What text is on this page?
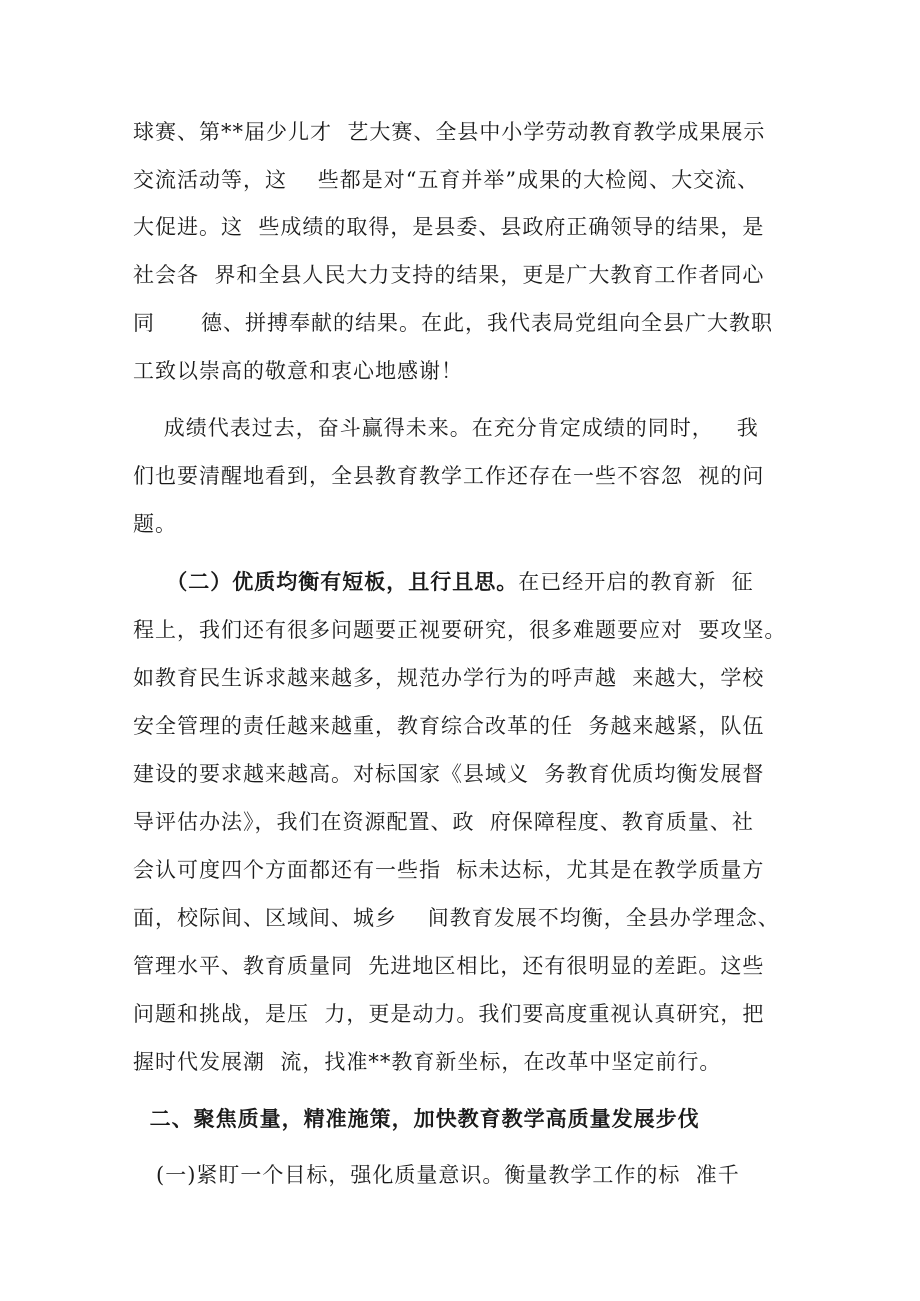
球赛、第**届少儿才  艺大赛、全县中小学劳动教育教学成果展示
交流活动等，这    些都是对“五育并举”成果的大检阅、大交流、
大促进。这  些成绩的取得，是县委、县政府正确领导的结果，是
社会各  界和全县人民大力支持的结果，更是广大教育工作者同心
同      德、拼搏奉献的结果。在此，我代表局党组向全县广大教职
工致以崇高的敬意和衷心地感谢！
成绩代表过去，奋斗赢得未来。在充分肯定成绩的同时，   我
们也要清醒地看到，全县教育教学工作还存在一些不容忽  视的问
题。
（二）优质均衡有短板，且行且思。在已经开启的教育新  征
程上，我们还有很多问题要正视要研究，很多难题要应对  要攻坚。
如教育民生诉求越来越多，规范办学行为的呼声越  来越大，学校
安全管理的责任越来越重，教育综合改革的任  务越来越紧，队伍
建设的要求越来越高。对标国家《县域义  务教育优质均衡发展督
导评估办法》，我们在资源配置、政  府保障程度、教育质量、社
会认可度四个方面都还有一些指  标未达标，尤其是在教学质量方
面，校际间、区域间、城乡    间教育发展不均衡，全县办学理念、
管理水平、教育质量同  先进地区相比，还有很明显的差距。这些
问题和挑战，是压  力，更是动力。我们要高度重视认真研究，把
握时代发展潮  流，找准**教育新坐标，在改革中坚定前行。
二、聚焦质量，精准施策，加快教育教学高质量发展步伐
(一)紧盯一个目标，强化质量意识。衡量教学工作的标  准千
